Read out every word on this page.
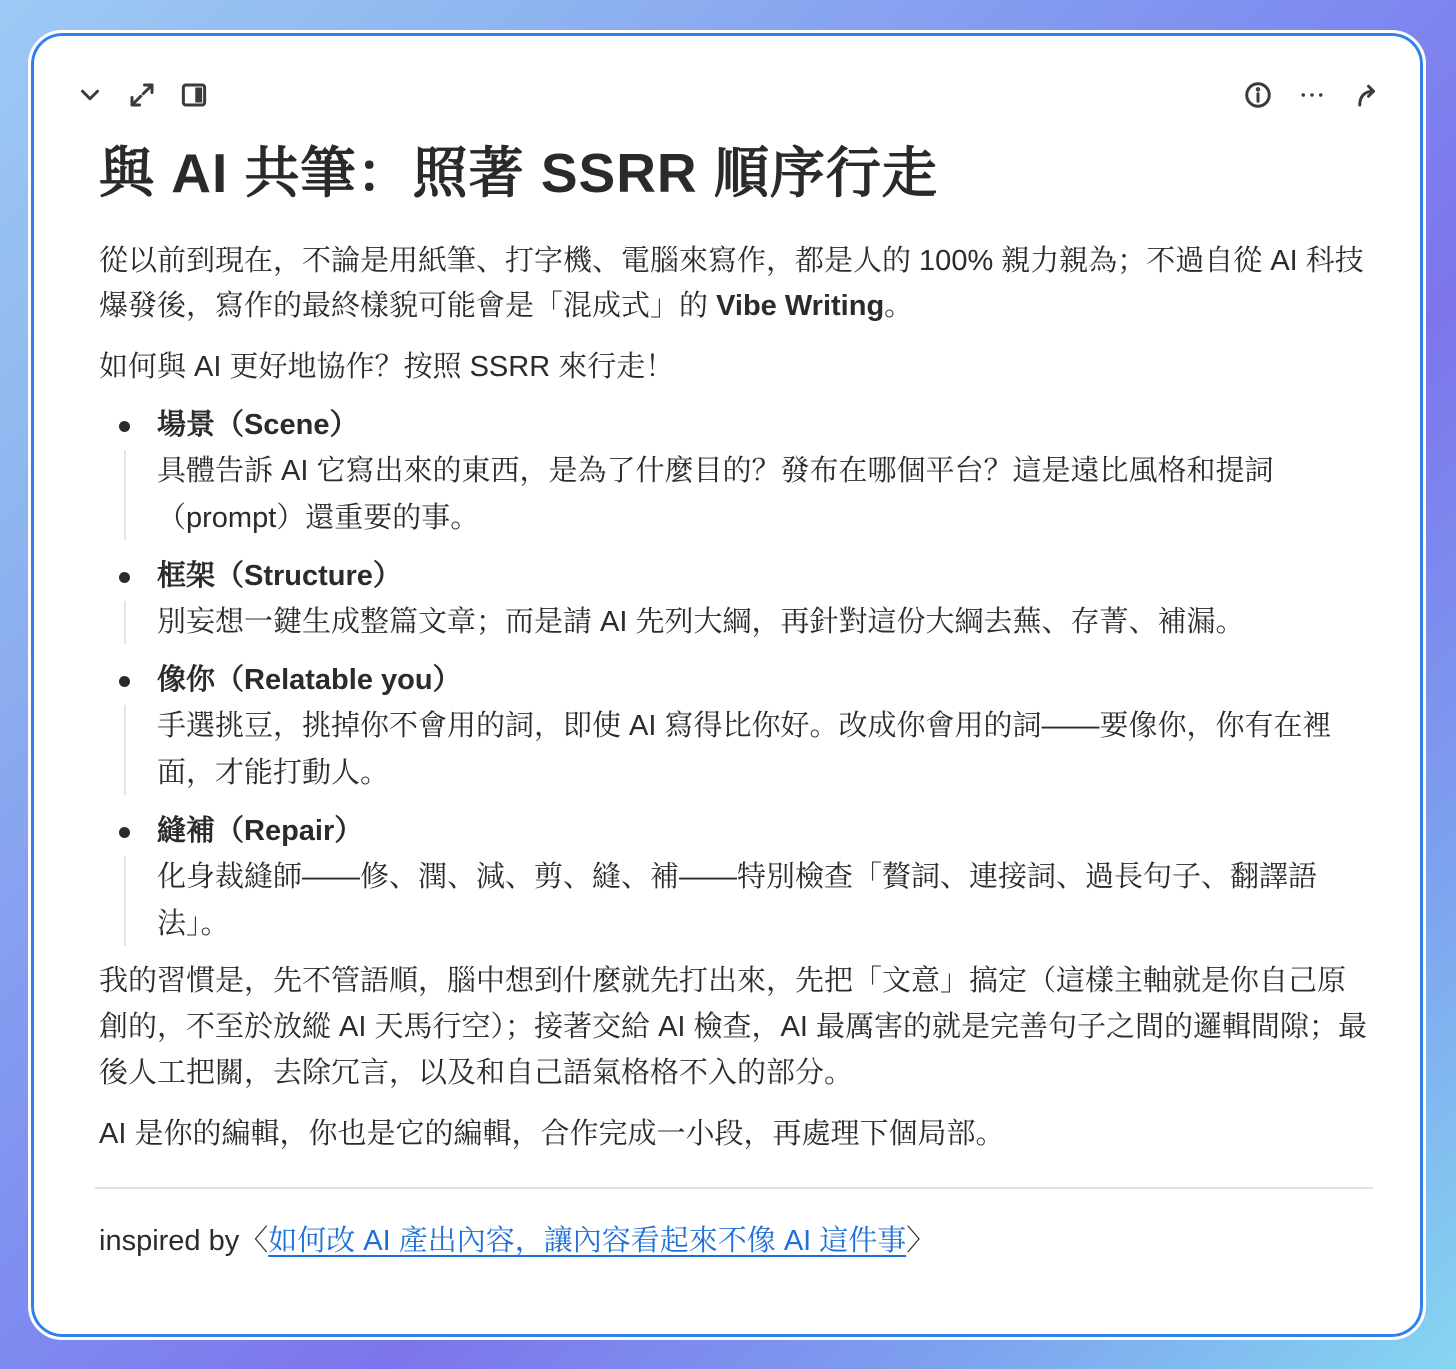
與 AI 共筆：照著 SSRR 順序行走

從以前到現在，不論是用紙筆、打字機、電腦來寫作，都是人的 100% 親力親為；不過自從 AI 科技爆發後，寫作的最終樣貌可能會是「混成式」的 Vibe Writing。

如何與 AI 更好地協作？按照 SSRR 來行走！

場景（Scene）
具體告訴 AI 它寫出來的東西，是為了什麼目的？發布在哪個平台？這是遠比風格和提詞（prompt）還重要的事。
框架（Structure）
別妄想一鍵生成整篇文章；而是請 AI 先列大綱，再針對這份大綱去蕪、存菁、補漏。
像你（Relatable you）
手選挑豆，挑掉你不會用的詞，即使 AI 寫得比你好。改成你會用的詞——要像你，你有在裡面，才能打動人。
縫補（Repair）
化身裁縫師——修、潤、減、剪、縫、補——特別檢查「贅詞、連接詞、過長句子、翻譯語法」。

我的習慣是，先不管語順，腦中想到什麼就先打出來，先把「文意」搞定（這樣主軸就是你自己原創的，不至於放縱 AI 天馬行空）；接著交給 AI 檢查，AI 最厲害的就是完善句子之間的邏輯間隙；最後人工把關，去除冗言，以及和自己語氣格格不入的部分。

AI 是你的編輯，你也是它的編輯，合作完成一小段，再處理下個局部。

inspired by〈如何改 AI 產出內容，讓內容看起來不像 AI 這件事〉
